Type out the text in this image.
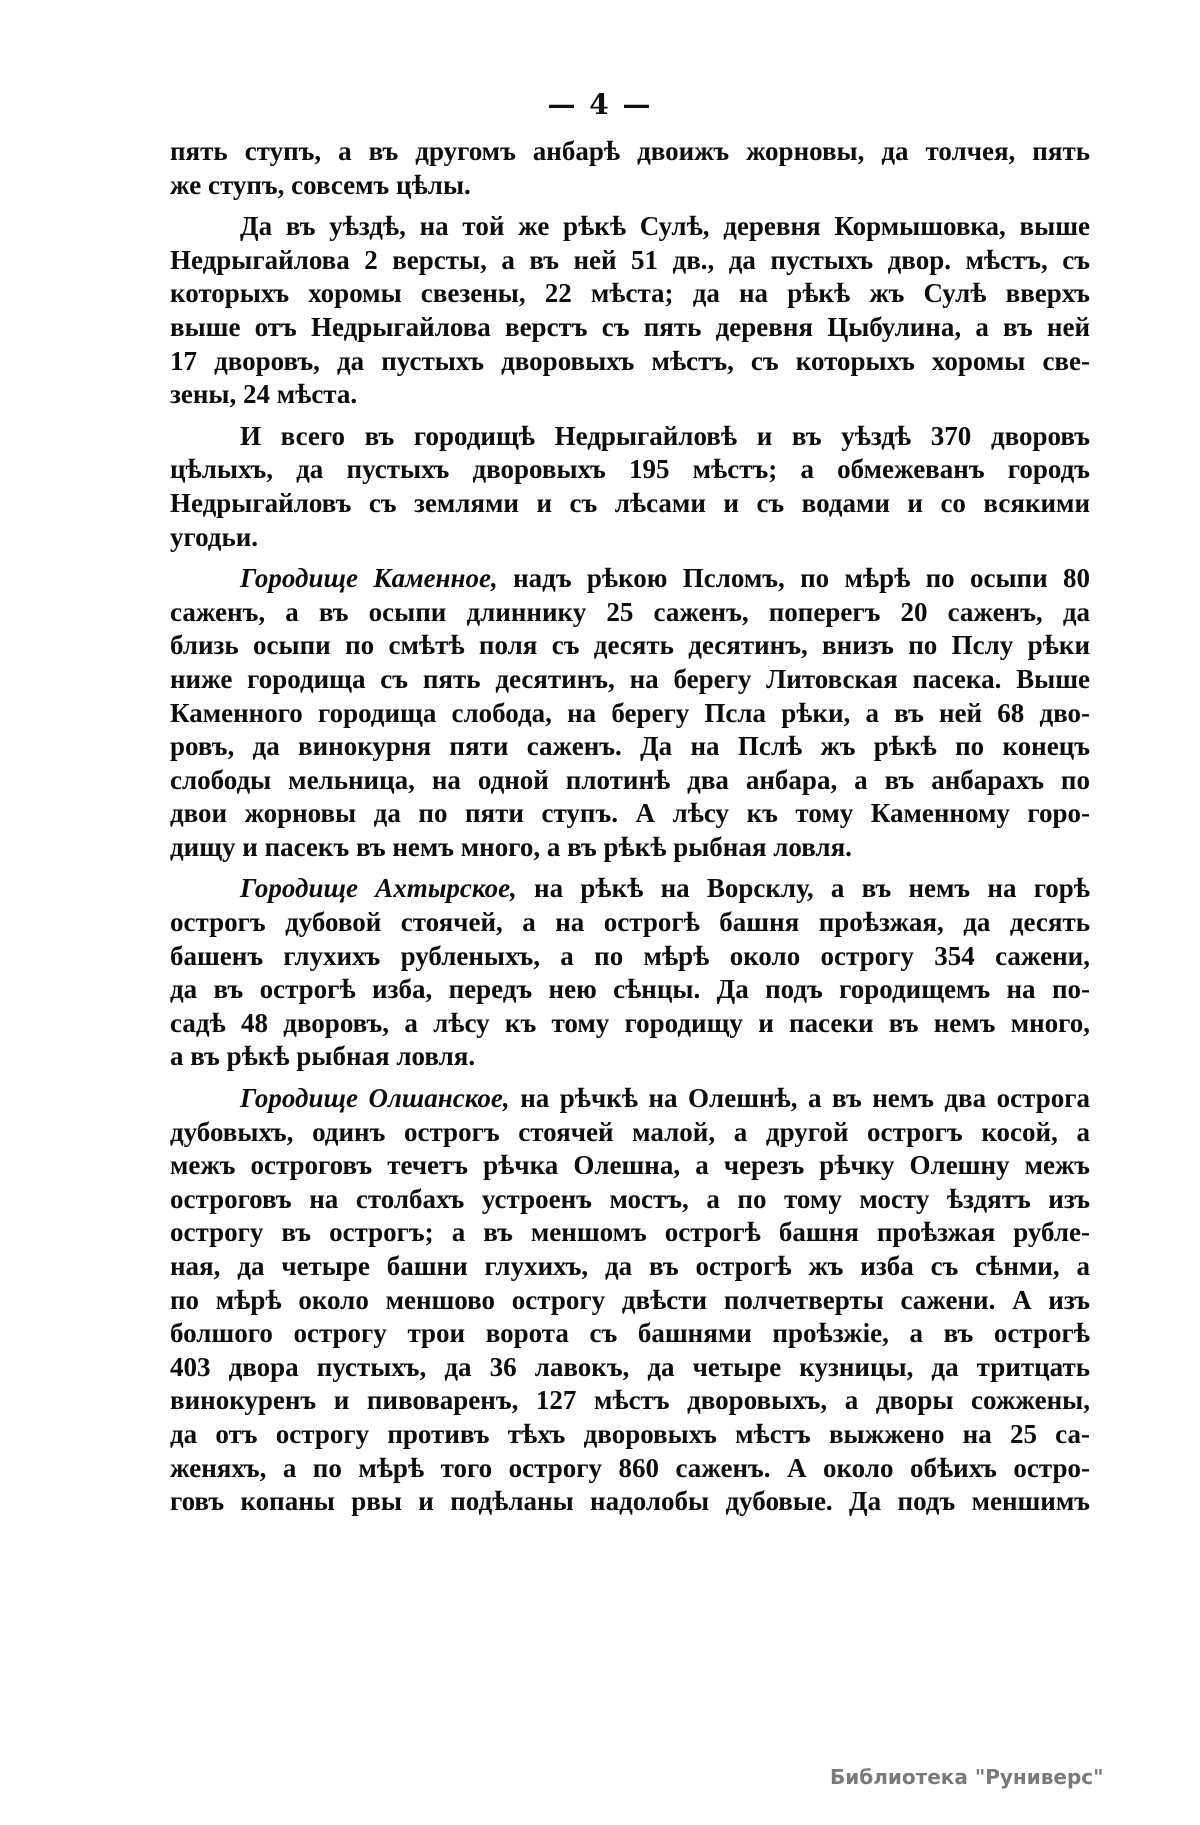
— 4 —
пять ступъ, а въ другомъ анбарѣ двоижъ жорновы, да толчея, пять
же ступъ, совсемъ цѣлы.
Да въ уѣздѣ, на той же рѣкѣ Сулѣ, деревня Кормышовка, выше
Недрыгайлова 2 версты, а въ ней 51 дв., да пустыхъ двор. мѣстъ, съ
которыхъ хоромы свезены, 22 мѣста; да на рѣкѣ жъ Сулѣ вверхъ
выше отъ Недрыгайлова верстъ съ пять деревня Цыбулина, а въ ней
17 дворовъ, да пустыхъ дворовыхъ мѣстъ, съ которыхъ хоромы све-
зены, 24 мѣста.
И всего въ городищѣ Недрыгайловѣ и въ уѣздѣ 370 дворовъ
цѣлыхъ, да пустыхъ дворовыхъ 195 мѣстъ; а обмежеванъ городъ
Недрыгайловъ съ землями и съ лѣсами и съ водами и со всякими
угодьи.
Городище Каменное, надъ рѣкою Псломъ, по мѣрѣ по осыпи 80
саженъ, а въ осыпи длиннику 25 саженъ, поперегъ 20 саженъ, да
близь осыпи по смѣтѣ поля съ десять десятинъ, внизъ по Пслу рѣки
ниже городища съ пять десятинъ, на берегу Литовская пасека. Выше
Каменного городища слобода, на берегу Псла рѣки, а въ ней 68 дво-
ровъ, да винокурня пяти саженъ. Да на Пслѣ жъ рѣкѣ по конецъ
слободы мельница, на одной плотинѣ два анбара, а въ анбарахъ по
двои жорновы да по пяти ступъ. А лѣсу къ тому Каменному горо-
дищу и пасекъ въ немъ много, а въ рѣкѣ рыбная ловля.
Городище Ахтырское, на рѣкѣ на Ворсклу, а въ немъ на горѣ
острогъ дубовой стоячей, а на острогѣ башня проѣзжая, да десять
башенъ глухихъ рубленыхъ, а по мѣрѣ около острогу 354 сажени,
да въ острогѣ изба, передъ нею сѣнцы. Да подъ городищемъ на по-
садѣ 48 дворовъ, а лѣсу къ тому городищу и пасеки въ немъ много,
а въ рѣкѣ рыбная ловля.
Городище Олшанское, на рѣчкѣ на Олешнѣ, а въ немъ два острога
дубовыхъ, одинъ острогъ стоячей малой, а другой острогъ косой, а
межъ остроговъ течетъ рѣчка Олешна, а черезъ рѣчку Олешну межъ
остроговъ на столбахъ устроенъ мостъ, а по тому мосту ѣздятъ изъ
острогу въ острогъ; а въ меншомъ острогѣ башня проѣзжая рубле-
ная, да четыре башни глухихъ, да въ острогѣ жъ изба съ сѣнми, а
по мѣрѣ около меншово острогу двѣсти полчетверты сажени. А изъ
болшого острогу трои ворота съ башнями проѣзжіе, а въ острогѣ
403 двора пустыхъ, да 36 лавокъ, да четыре кузницы, да тритцать
винокуренъ и пивоваренъ, 127 мѣстъ дворовыхъ, а дворы сожжены,
да отъ острогу противъ тѣхъ дворовыхъ мѣстъ выжжено на 25 са-
женяхъ, а по мѣрѣ того острогу 860 саженъ. А около обѣихъ остро-
говъ копаны рвы и подѣланы надолобы дубовые. Да подъ меншимъ
Библиотека "Руниверс"
